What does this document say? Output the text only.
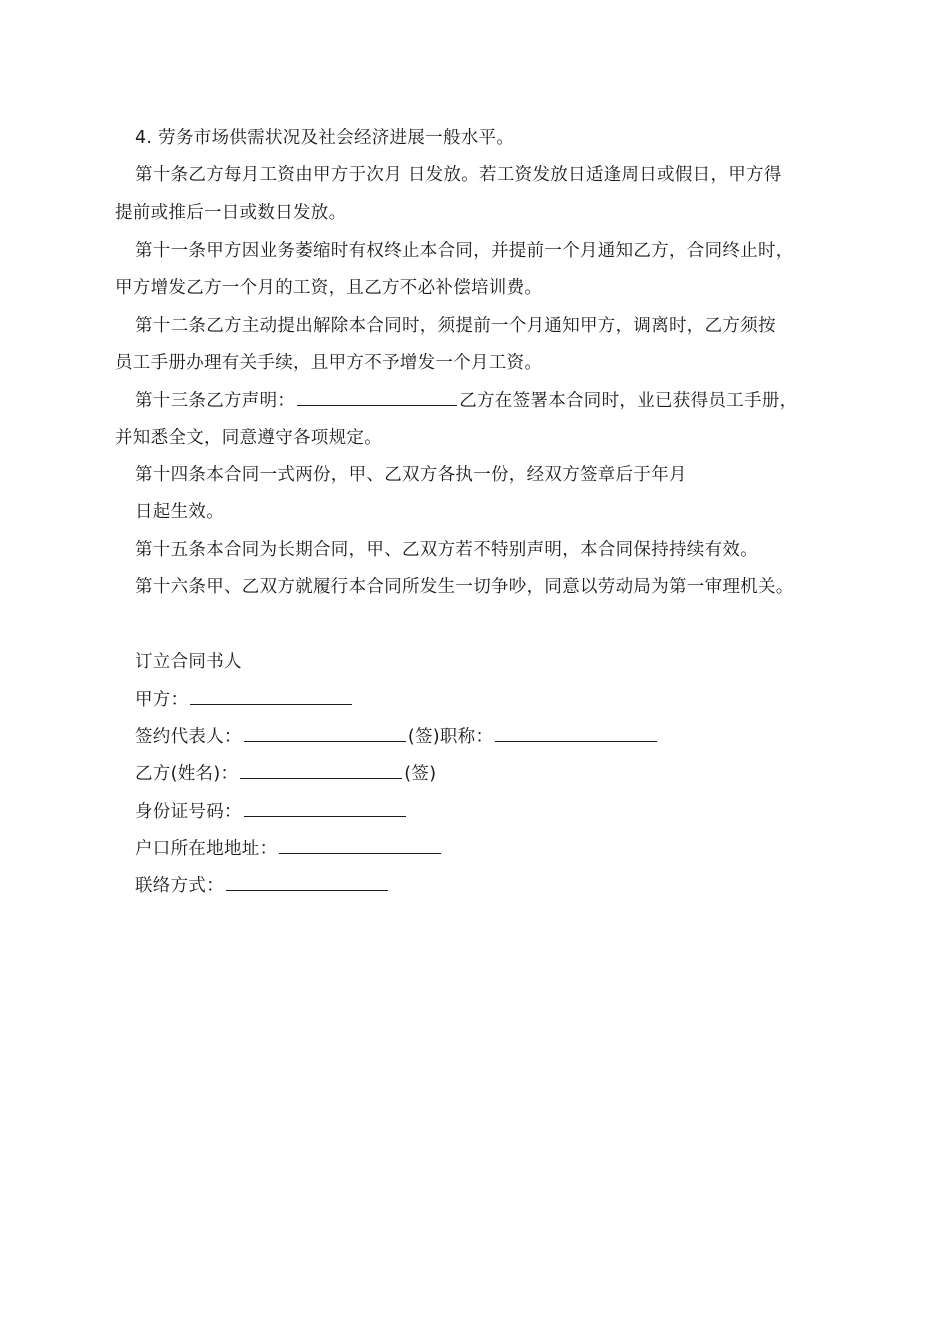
4. 劳务市场供需状况及社会经济进展一般水平。
第十条乙方每月工资由甲方于次月 日发放。若工资发放日适逢周日或假日，甲方得
提前或推后一日或数日发放。
第十一条甲方因业务萎缩时有权终止本合同，并提前一个月通知乙方，合同终止时，
甲方增发乙方一个月的工资，且乙方不必补偿培训费。
第十二条乙方主动提出解除本合同时，须提前一个月通知甲方，调离时，乙方须按
员工手册办理有关手续，且甲方不予增发一个月工资。
第十三条乙方声明：	乙方在签署本合同时，业已获得员工手册，
并知悉全文，同意遵守各项规定。
第十四条本合同一式两份，甲、乙双方各执一份，经双方签章后于年月
日起生效。
第十五条本合同为长期合同，甲、乙双方若不特别声明，本合同保持持续有效。
第十六条甲、乙双方就履行本合同所发生一切争吵，同意以劳动局为第一审理机关。
订立合同书人
甲方：
签约代表人：	(签)职称：
乙方(姓名)：	(签)
身份证号码：
户口所在地地址：
联络方式：
